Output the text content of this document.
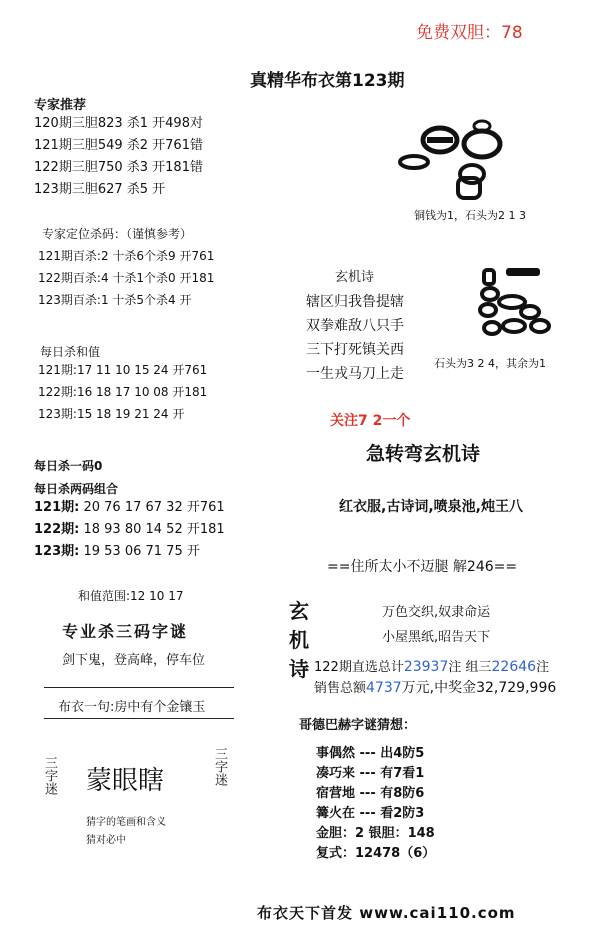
免费双胆：78
真精华布衣第123期
专家推荐
120期三胆823 杀1 开498对
121期三胆549 杀2 开761错
122期三胆750 杀3 开181错
123期三胆627 杀5 开
专家定位杀码：（谨慎参考）
121期百杀:2 十杀6个杀9 开761
122期百杀:4 十杀1个杀0 开181
123期百杀:1 十杀5个杀4 开
每日杀和值
121期:17 11 10 15 24 开761
122期:16 18 17 10 08 开181
123期:15 18 19 21 24 开
每日杀一码0
每日杀两码组合
121期: 20 76 17 67 32 开761
122期: 18 93 80 14 52 开181
123期: 19 53 06 71 75 开
和值范围:12 10 17
专业杀三码字谜
剑下鬼，登高峰，停车位
布衣一句:房中有个金镶玉
三字迷 蒙眼瞎	三字迷
猜字的笔画和含义
猜对必中
铜钱为1，石头为2 1 3
玄机诗
辖区归我鲁提辖
双拳难敌八只手
三下打死镇关西
一生戎马刀上走
石头为3 2 4，其余为1
关注7 2一个
急转弯玄机诗
红衣服,古诗词,喷泉池,炖王八
==住所太小不迈腿 解246==
玄
机
诗
万色交织,奴隶命运
小屋黑纸,昭告天下
122期直选总计23937注 组三22646注
销售总额4737万元,中奖金32,729,996
哥德巴赫字谜猜想：
事偶然 --- 出4防5
凑巧来 --- 有7看1
宿营地 --- 有8防6
篝火在 --- 看2防3
金胆：2 银胆：148
复式：12478（6）
布衣天下首发 www.cai110.com
